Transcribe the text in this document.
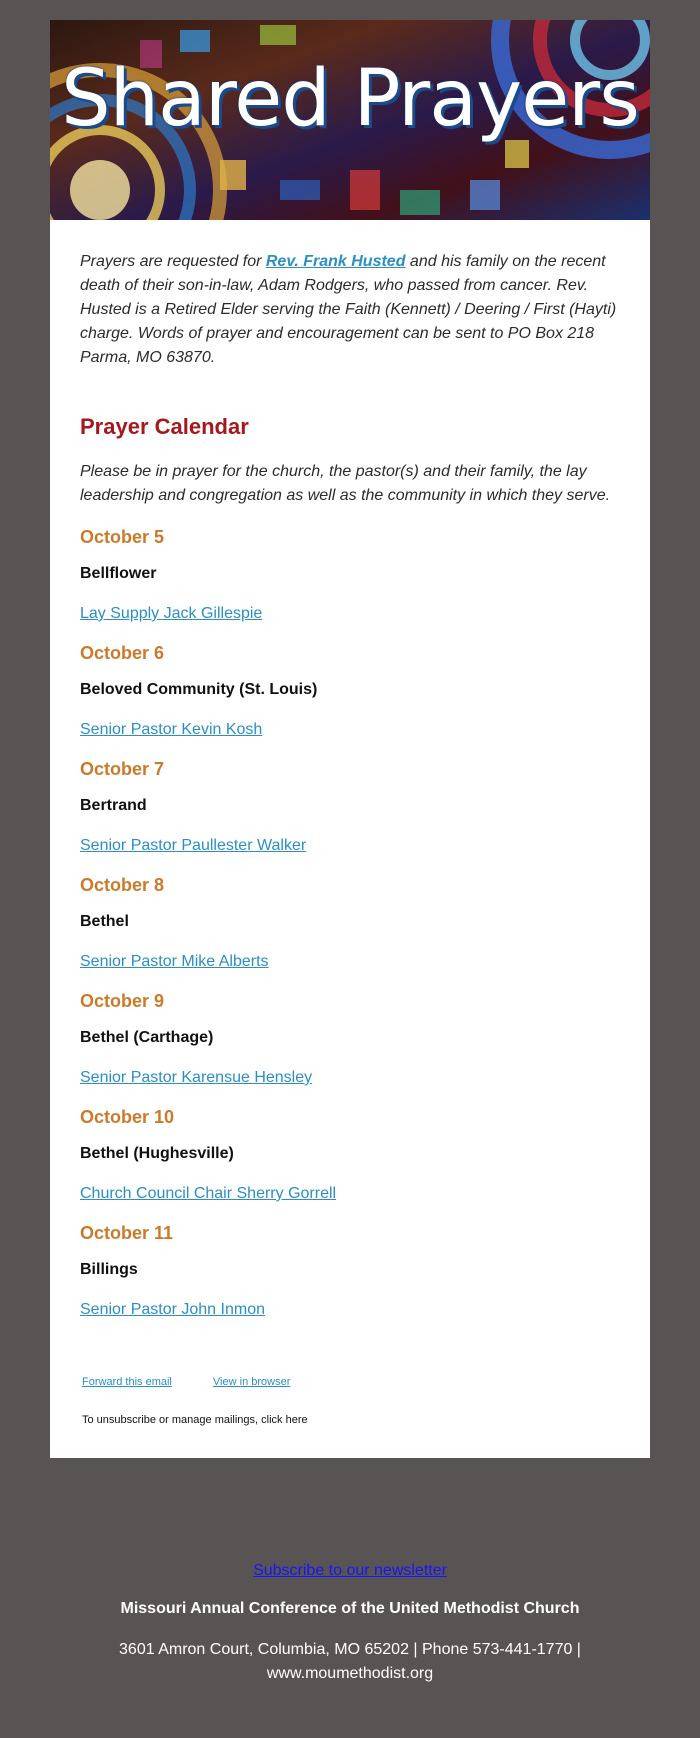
Shared Prayers

Prayers are requested for Rev. Frank Husted and his family on the recent death of their son-in-law, Adam Rodgers, who passed from cancer. Rev. Husted is a Retired Elder serving the Faith (Kennett) / Deering / First (Hayti) charge. Words of prayer and encouragement can be sent to PO Box 218 Parma, MO 63870.

Prayer Calendar

Please be in prayer for the church, the pastor(s) and their family, the lay leadership and congregation as well as the community in which they serve.

October 5
Bellflower
Lay Supply Jack Gillespie
October 6
Beloved Community (St. Louis)
Senior Pastor Kevin Kosh
October 7
Bertrand
Senior Pastor Paullester Walker
October 8
Bethel
Senior Pastor Mike Alberts
October 9
Bethel (Carthage)
Senior Pastor Karensue Hensley
October 10
Bethel (Hughesville)
Church Council Chair Sherry Gorrell
October 11
Billings
Senior Pastor John Inmon
Forward this email	View in browser
To unsubscribe or manage mailings, click here
Subscribe to our newsletter
Missouri Annual Conference of the United Methodist Church
3601 Amron Court, Columbia, MO 65202 | Phone 573-441-1770 |
www.moumethodist.org
